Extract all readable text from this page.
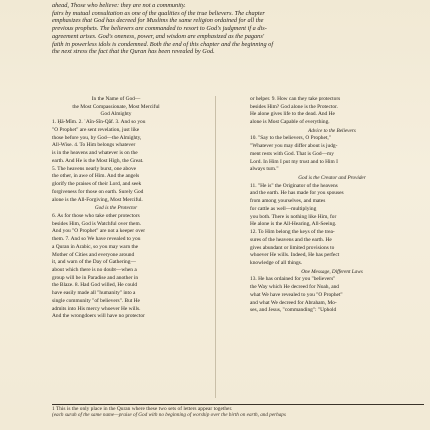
ahead, Those who believe: they are not a community.

fairs by mutual consultation as one of the qualities of the true believers. The chapter

emphasizes that God has decreed for Muslims the same religion ordained for all the

previous prophets. The believers are commanded to resort to God's judgment if a dis-

agreement arises. God's oneness, power, and wisdom are emphasized as the pagans'

faith in powerless idols is condemned. Both the end of this chapter and the beginning of

the next stress the fact that the Quran has been revealed by God.

In the Name of God—

the Most Compassionate, Most Merciful

God Almighty

1. Ḥā-Mĩm. 2. ʿAĩn-Sĩn-Qãf. 3. And so you

"O Prophet" are sent revelation, just like

those before you, by God—the Almighty,

All-Wise. 4. To Him belongs whatever

is in the heavens and whatever is on the

earth. And He is the Most High, the Great.

5. The heavens nearly burst, one above

the other, in awe of Him. And the angels

glorify the praises of their Lord, and seek

forgiveness for those on earth. Surely God

alone is the All-Forgiving, Most Merciful.

God is the Protector

6. As for those who take other protectors

besides Him, God is Watchful over them.

And you "O Prophet" are not a keeper over

them. 7. And so We have revealed to you

a Quran in Arabic, so you may warn the

Mother of Cities and everyone around

it, and warn of the Day of Gathering—

about which there is no doubt—when a

group will be in Paradise and another in

the Blaze. 8. Had God willed, He could

have easily made all "humanity" into a

single community "of believers". But He

admits into His mercy whoever He wills.

And the wrongdoers will have no protector

or helper. 9. How can they take protectors

besides Him? God alone is the Protector.

He alone gives life to the dead. And He

alone is Most Capable of everything.

Advice to the Believers

10. "Say to the believers, O Prophet,"

"Whatever you may differ about is judg-

ment rests with God. That is God—my

Lord. In Him I put my trust and to Him I

always turn."

God is the Creator and Provider

11. "He is" the Originator of the heavens

and the earth. He has made for you spouses

from among yourselves, and mates

for cattle as well—multiplying

you both. There is nothing like Him, for

He alone is the All-Hearing, All-Seeing.

12. To Him belong the keys of the trea-

sures of the heavens and the earth. He

gives abundant or limited provisions to

whoever He wills. Indeed, He has perfect

knowledge of all things.

One Message, Different Laws

13. He has ordained for you "believers"

the Way which He decreed for Noah, and

what We have revealed to you "O Prophet"

and what We decreed for Abraham, Mo-

ses, and Jesus, "commanding": "Uphold

1 This is the only place in the Quran where these two sets of letters appear together.

(each surah of the same name—praise of God with no beginning of worship over the birth on earth, and perhaps
